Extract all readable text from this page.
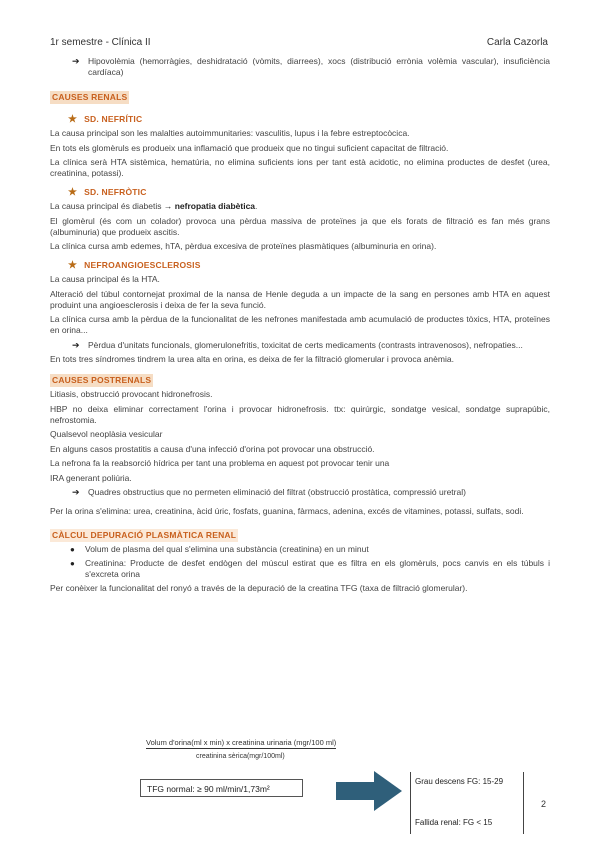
1r semestre - Clínica II	Carla Cazorla
➔ Hipovolèmia (hemorràgies, deshidratació (vòmits, diarrees), xocs (distribució errònia volèmia vascular), insuficiència cardíaca)
CAUSES RENALS
★ SD. NEFRÍTIC

La causa principal son les malalties autoimmunitaries: vasculitis, lupus i la febre estreptocòcica.

En tots els glomèruls es produeix una inflamació que produeix que no tingui suficient capacitat de filtració.

La clínica serà HTA sistèmica, hematúria, no elimina suficients ions per tant està acidotic, no elimina productes de desfet (urea, creatinina, potassi).

★ SD. NEFRÒTIC

La causa principal és diabetis → nefropatia diabètica.

El glomèrul (és com un colador) provoca una pèrdua massiva de proteïnes ja que els forats de filtració es fan més grans (albuminuria) que produeix ascitis.

La clínica cursa amb edemes, hTA, pèrdua excesiva de proteïnes plasmàtiques (albuminuria en orina).

★ NEFROANGIOESCLEROSIS

La causa principal és la HTA.

Alteració del túbul contornejat proximal de la nansa de Henle deguda a un impacte de la sang en persones amb HTA en aquest produint una angioesclerosis i deixa de fer la seva funció.

La clínica cursa amb la pèrdua de la funcionalitat de les nefrones manifestada amb acumulació de productes tòxics, HTA, proteïnes en orina...

➔ Pèrdua d'unitats funcionals, glomerulonefritis, toxicitat de certs medicaments (contrasts intravenosos), nefropaties...

En tots tres síndromes tindrem la urea alta en orina, es deixa de fer la filtració glomerular i provoca anèmia.

CAUSES POSTRENALS

Litiasis, obstrucció provocant hidronefrosis.

HBP no deixa eliminar correctament l'orina i provocar hidronefrosis. ttx: quirúrgic, sondatge vesical, sondatge suprapúbic, nefrostomia.

Qualsevol neoplàsia vesicular

En alguns casos prostatitis a causa d'una infecció d'orina pot provocar una obstrucció.

La nefrona fa la reabsorció hídrica per tant una problema en aquest pot provocar tenir una

IRA generant poliúria.

➔ Quadres obstructius que no permeten eliminació del filtrat (obstrucció prostàtica, compressió uretral)

Per la orina s'elimina: urea, creatinina, àcid úric, fosfats, guanina, fàrmacs, adenina, excés de vitamines, potassi, sulfats, sodi.

CÀLCUL DEPURACIÓ PLASMÀTICA RENAL
● Volum de plasma del qual s'elimina una substància (creatinina) en un minut
● Creatinina: Producte de desfet endògen del múscul estirat que es filtra en els glomèruls, pocs canvis en els túbuls i s'excreta orina

Per conèixer la funcionalitat del ronyó a través de la depuració de la creatina TFG (taxa de filtració glomerular).

Volum d'orina(ml x min) x creatinina urinaria (mgr/100 ml)
creatinina sèrica(mgr/100ml)
TFG normal: ≥ 90 ml/min/1,73m²
Grau descens FG: 15-29
Fallida renal: FG < 15
2
